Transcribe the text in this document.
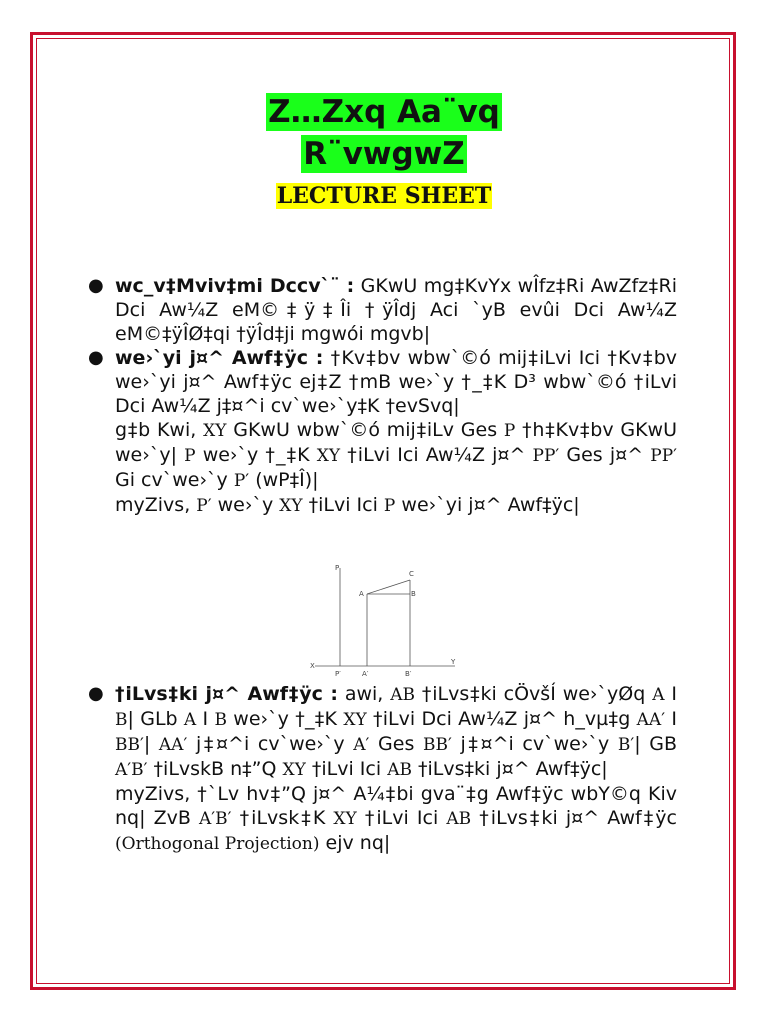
Z…Zxq Aa¨vq
R¨vwgwZ
LECTURE SHEET
● wc_v‡Mviv‡mi Dccv`¨ : GKwU mg‡KvYx wÎfz‡Ri AwZfz‡Ri Dci Aw¼Z eM©‡ÿ‡Îi †ÿÎdj Aci `yB evûi Dci Aw¼Z eM©‡ÿÎØ‡qi †ÿÎd‡ji mgwói mgvb|
● we›`yi j¤^ Awf‡ÿc : †Kv‡bv wbw`©ó mij‡iLvi Ici †Kv‡bv we›`yi j¤^ Awf‡ÿc ej‡Z †mB we›`y †_‡K D³ wbw`©ó †iLvi Dci Aw¼Z j‡¤^i cv`we›`y‡K †evSvq|
g‡b Kwi, XY GKwU wbw`©ó mij‡iLv Ges P †h‡Kv‡bv GKwU we›`y| P we›`y †_‡K XY †iLvi Ici Aw¼Z j¤^ PP′ Ges j¤^ PP′ Gi cv`we›`y P′ (wP‡Î)|
myZivs, P′ we›`y XY †iLvi Ici P we›`yi j¤^ Awf‡ÿc|
P
C
A	B
X	Y
P′	A′	B′
● †iLvs‡ki j¤^ Awf‡ÿc : awi, AB †iLvs‡ki cÖvšÍ we›`yØq A I B| GLb A I B we›`y †_‡K XY †iLvi Dci Aw¼Z j¤^ h_vµ‡g AA′ I BB′| AA′ j‡¤^i cv`we›`y A′ Ges BB′ j‡¤^i cv`we›`y B′| GB A′B′ †iLvskB n‡”Q XY †iLvi Ici AB †iLvs‡ki j¤^ Awf‡ÿc|
myZivs, †`Lv hv‡”Q j¤^ A¼‡bi gva¨‡g Awf‡ÿc wbY©q Kiv nq| ZvB A′B′ †iLvsk‡K XY †iLvi Ici AB †iLvs‡ki j¤^ Awf‡ÿc (Orthogonal Projection) ejv nq|
